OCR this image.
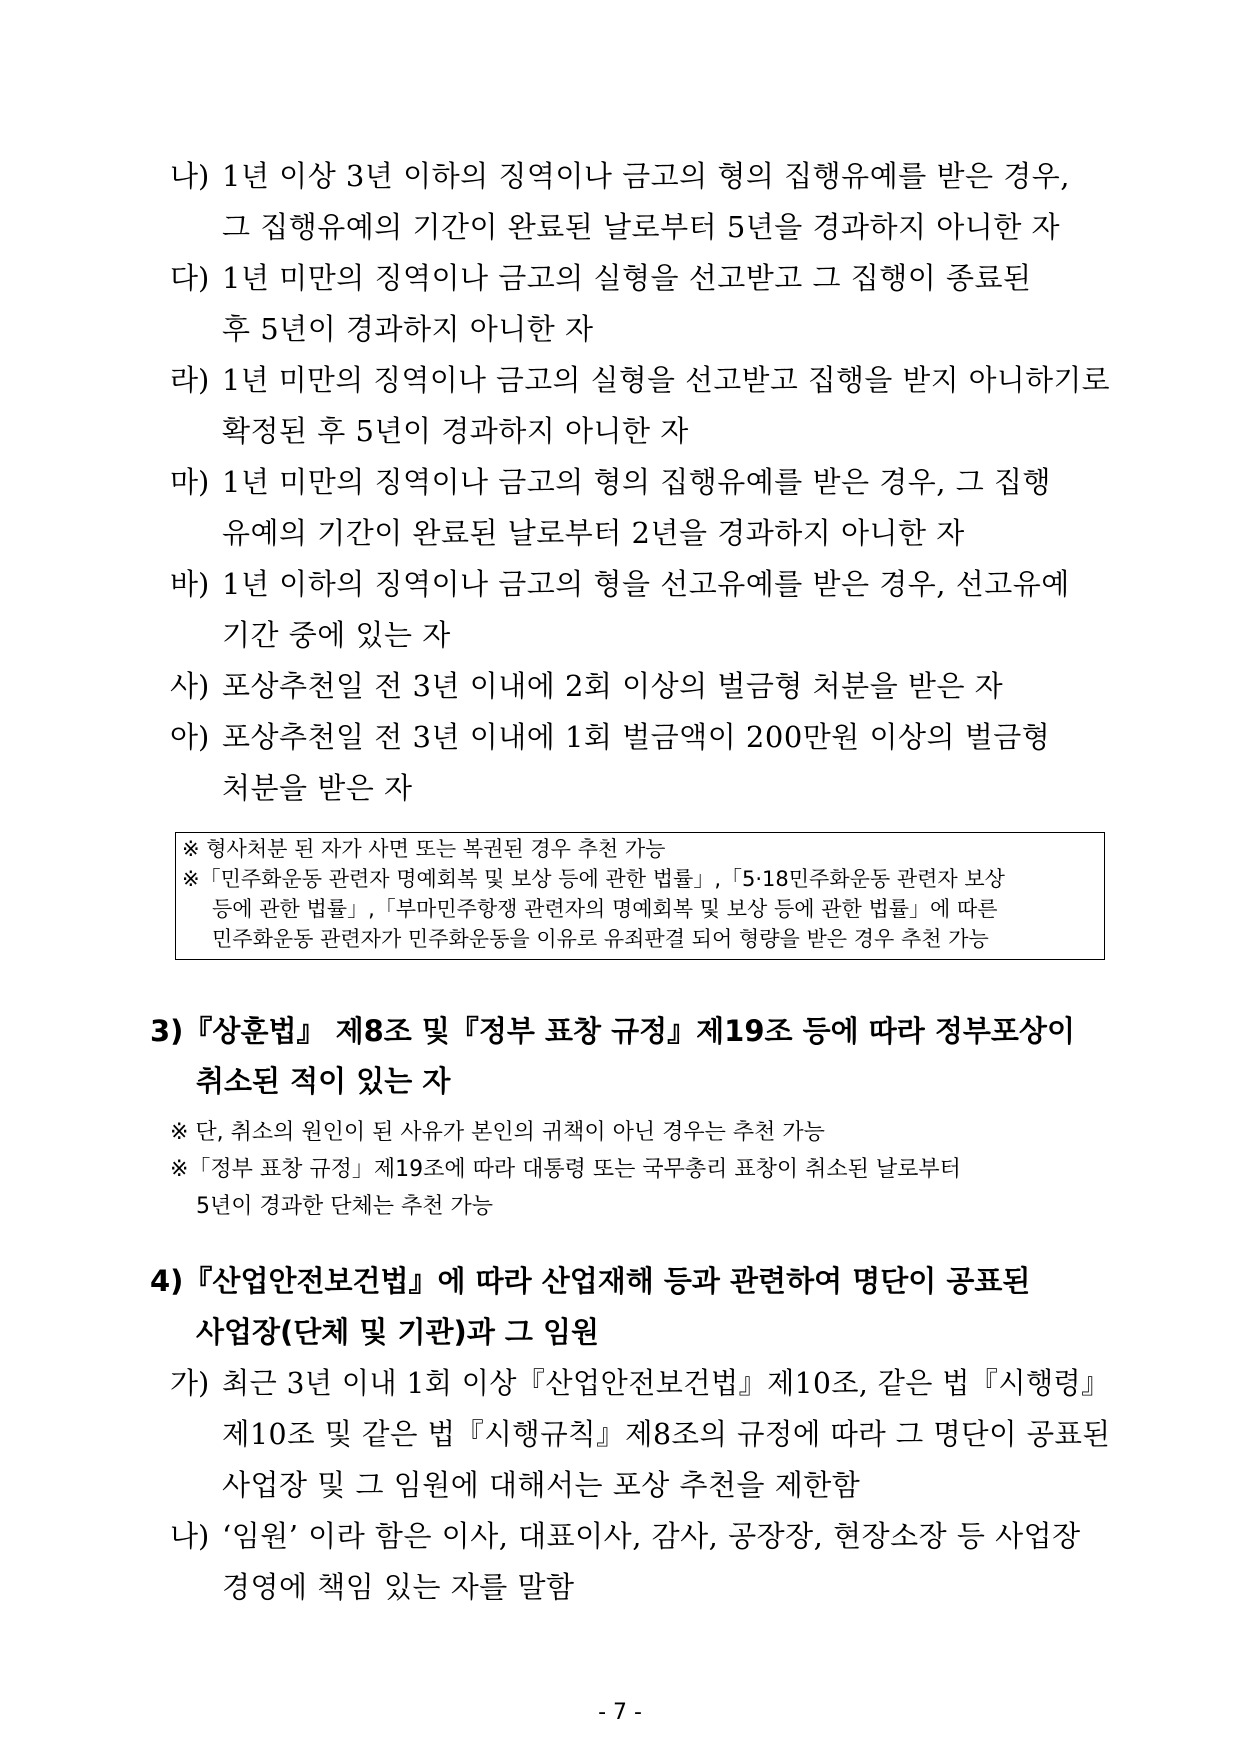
나) 1년 이상 3년 이하의 징역이나 금고의 형의 집행유예를 받은 경우,
그 집행유예의 기간이 완료된 날로부터 5년을 경과하지 아니한 자
다) 1년 미만의 징역이나 금고의 실형을 선고받고 그 집행이 종료된
후 5년이 경과하지 아니한 자
라) 1년 미만의 징역이나 금고의 실형을 선고받고 집행을 받지 아니하기로
확정된 후 5년이 경과하지 아니한 자
마) 1년 미만의 징역이나 금고의 형의 집행유예를 받은 경우, 그 집행
유예의 기간이 완료된 날로부터 2년을 경과하지 아니한 자
바) 1년 이하의 징역이나 금고의 형을 선고유예를 받은 경우, 선고유예
기간 중에 있는 자
사) 포상추천일 전 3년 이내에 2회 이상의 벌금형 처분을 받은 자
아) 포상추천일 전 3년 이내에 1회 벌금액이 200만원 이상의 벌금형
처분을 받은 자
※ 형사처분 된 자가 사면 또는 복권된 경우 추천 가능
※「민주화운동 관련자 명예회복 및 보상 등에 관한 법률」,「5·18민주화운동 관련자 보상
등에 관한 법률」,「부마민주항쟁 관련자의 명예회복 및 보상 등에 관한 법률」에 따른
민주화운동 관련자가 민주화운동을 이유로 유죄판결 되어 형량을 받은 경우 추천 가능
3)『상훈법』 제8조 및『정부 표창 규정』제19조 등에 따라 정부포상이
취소된 적이 있는 자
※ 단, 취소의 원인이 된 사유가 본인의 귀책이 아닌 경우는 추천 가능
※「정부 표창 규정」제19조에 따라 대통령 또는 국무총리 표창이 취소된 날로부터
5년이 경과한 단체는 추천 가능
4)『산업안전보건법』에 따라 산업재해 등과 관련하여 명단이 공표된
사업장(단체 및 기관)과 그 임원
가) 최근 3년 이내 1회 이상『산업안전보건법』제10조, 같은 법『시행령』
제10조 및 같은 법『시행규칙』제8조의 규정에 따라 그 명단이 공표된
사업장 및 그 임원에 대해서는 포상 추천을 제한함
나) ‘임원’ 이라 함은 이사, 대표이사, 감사, 공장장, 현장소장 등 사업장
경영에 책임 있는 자를 말함
- 7 -
